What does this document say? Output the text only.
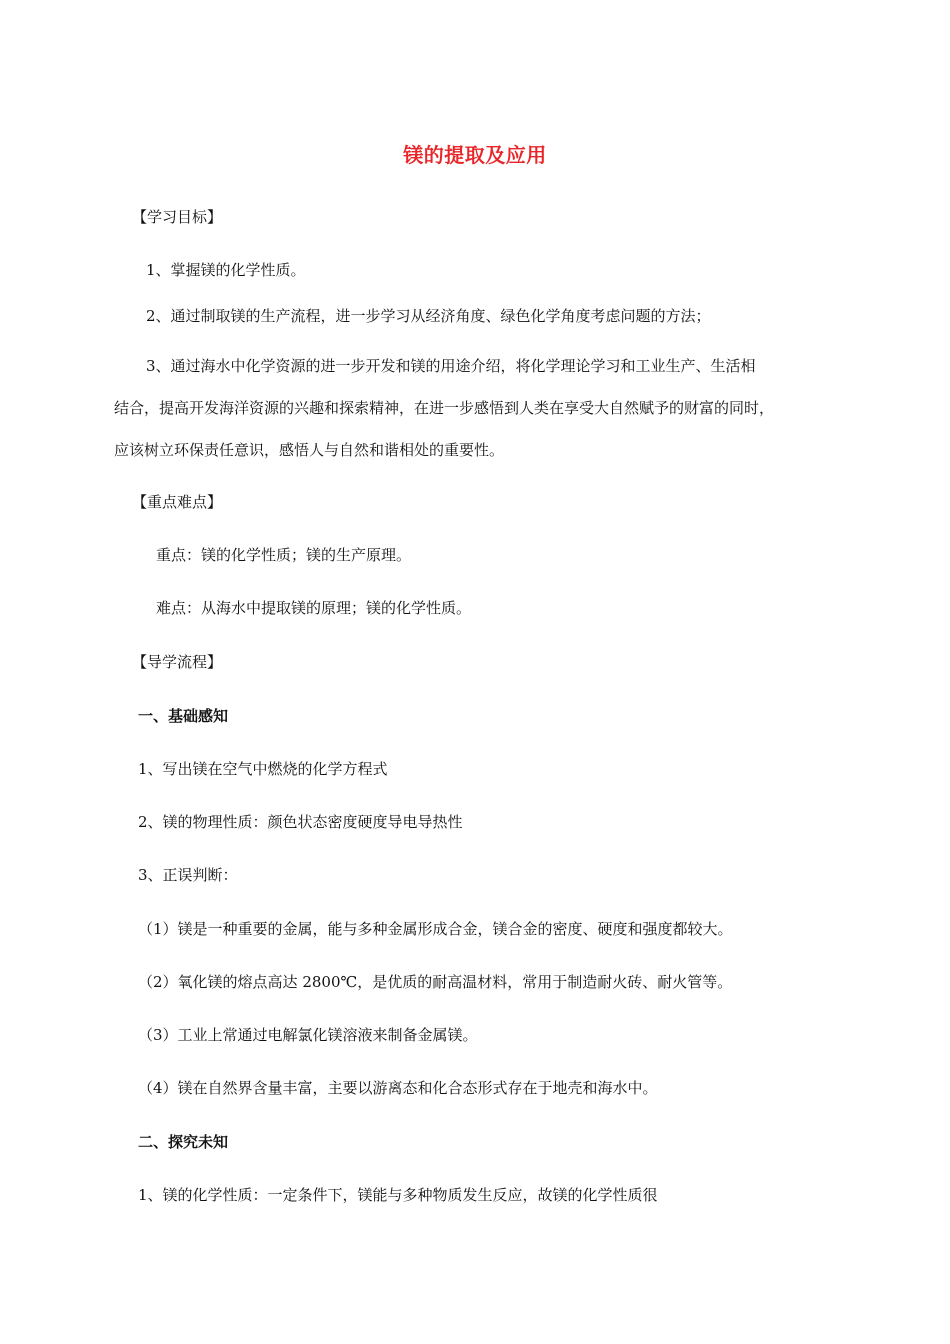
镁的提取及应用
【学习目标】
1、掌握镁的化学性质。
2、通过制取镁的生产流程，进一步学习从经济角度、绿色化学角度考虑问题的方法；
3、通过海水中化学资源的进一步开发和镁的用途介绍，将化学理论学习和工业生产、生活相
结合，提高开发海洋资源的兴趣和探索精神，在进一步感悟到人类在享受大自然赋予的财富的同时，
应该树立环保责任意识，感悟人与自然和谐相处的重要性。
【重点难点】
重点：镁的化学性质；镁的生产原理。
难点：从海水中提取镁的原理；镁的化学性质。
【导学流程】
一、基础感知
1、写出镁在空气中燃烧的化学方程式
2、镁的物理性质：颜色状态密度硬度导电导热性
3、正误判断：
（1）镁是一种重要的金属，能与多种金属形成合金，镁合金的密度、硬度和强度都较大。
（2）氧化镁的熔点高达 2800℃，是优质的耐高温材料，常用于制造耐火砖、耐火管等。
（3）工业上常通过电解氯化镁溶液来制备金属镁。
（4）镁在自然界含量丰富，主要以游离态和化合态形式存在于地壳和海水中。
二、探究未知
1、镁的化学性质：一定条件下，镁能与多种物质发生反应，故镁的化学性质很
